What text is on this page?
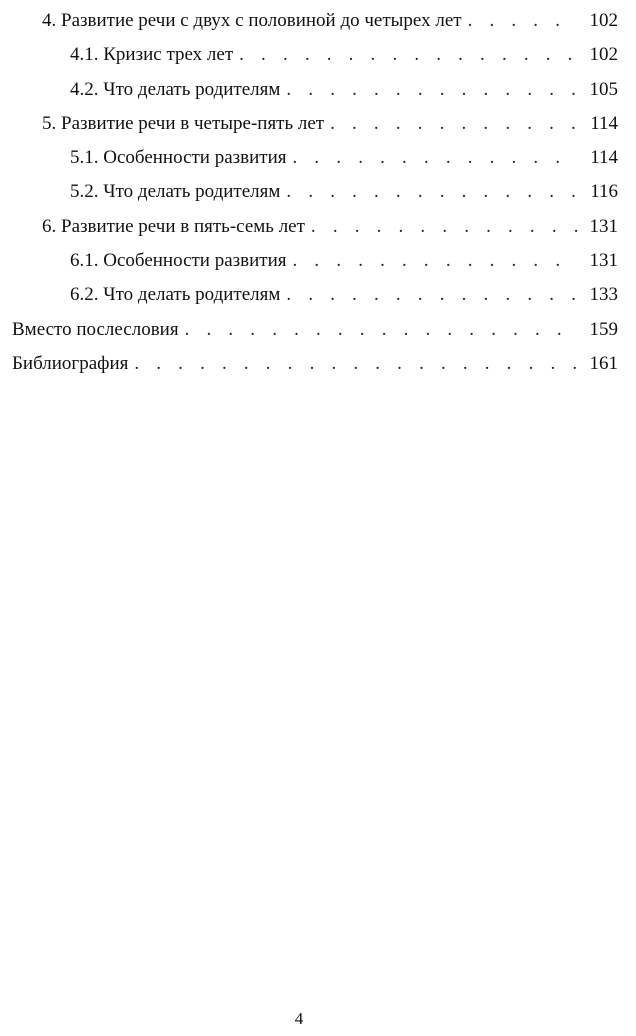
4. Развитие речи с двух с половиной до четырех лет . . .	102
4.1. Кризис трех лет . . .	102
4.2. Что делать родителям . . .	105
5. Развитие речи в четыре-пять лет . . .	114
5.1. Особенности развития . . .	114
5.2. Что делать родителям . . .	116
6. Развитие речи в пять-семь лет . . .	131
6.1. Особенности развития . . .	131
6.2. Что делать родителям . . .	133
Вместо послесловия . . .	159
Библиография . . .	161
4
